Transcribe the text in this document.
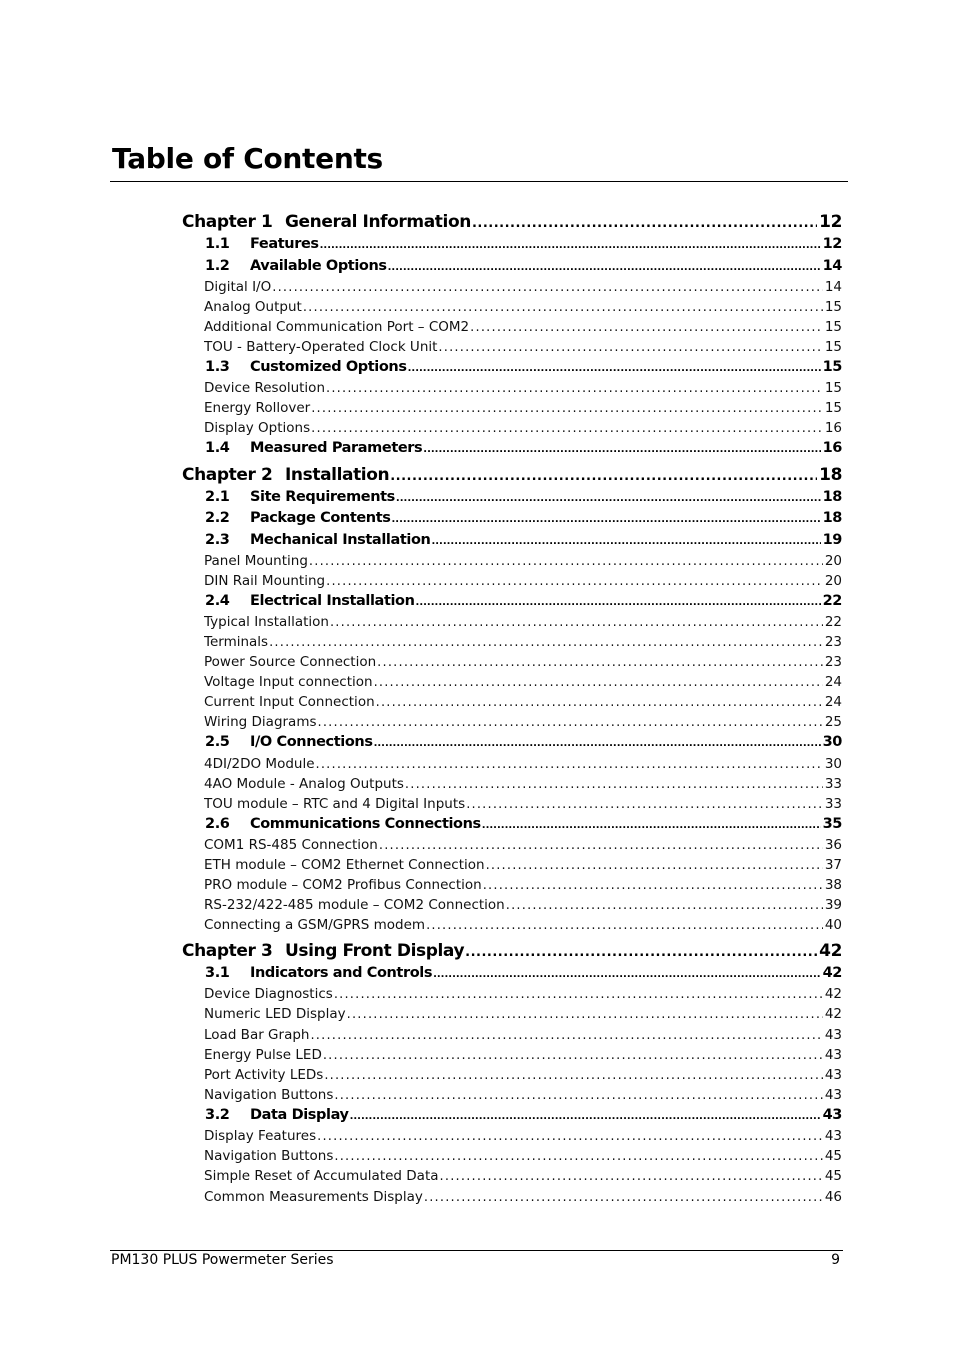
Table of Contents
Chapter 1 General Information .....	12
1.1	Features .....	12
1.2	Available Options .....	14
Digital I/O .....	14
Analog Output .....	15
Additional Communication Port – COM2 .....	15
TOU - Battery-Operated Clock Unit .....	15
1.3	Customized Options .....	15
Device Resolution .....	15
Energy Rollover .....	15
Display Options .....	16
1.4	Measured Parameters .....	16
Chapter 2 Installation .....	18
2.1	Site Requirements .....	18
2.2	Package Contents .....	18
2.3	Mechanical Installation .....	19
Panel Mounting .....	20
DIN Rail Mounting .....	20
2.4	Electrical Installation .....	22
Typical Installation .....	22
Terminals .....	23
Power Source Connection .....	23
Voltage Input connection .....	24
Current Input Connection .....	24
Wiring Diagrams .....	25
2.5	I/O Connections .....	30
4DI/2DO Module .....	30
4AO Module - Analog Outputs .....	33
TOU module – RTC and 4 Digital Inputs .....	33
2.6	Communications Connections .....	35
COM1 RS-485 Connection .....	36
ETH module – COM2 Ethernet Connection .....	37
PRO module – COM2 Profibus Connection .....	38
RS-232/422-485 module – COM2 Connection .....	39
Connecting a GSM/GPRS modem .....	40
Chapter 3 Using Front Display .....	42
3.1	Indicators and Controls .....	42
Device Diagnostics .....	42
Numeric LED Display .....	42
Load Bar Graph .....	43
Energy Pulse LED .....	43
Port Activity LEDs .....	43
Navigation Buttons .....	43
3.2	Data Display .....	43
Display Features .....	43
Navigation Buttons .....	45
Simple Reset of Accumulated Data .....	45
Common Measurements Display .....	46
PM130 PLUS Powermeter Series	9
